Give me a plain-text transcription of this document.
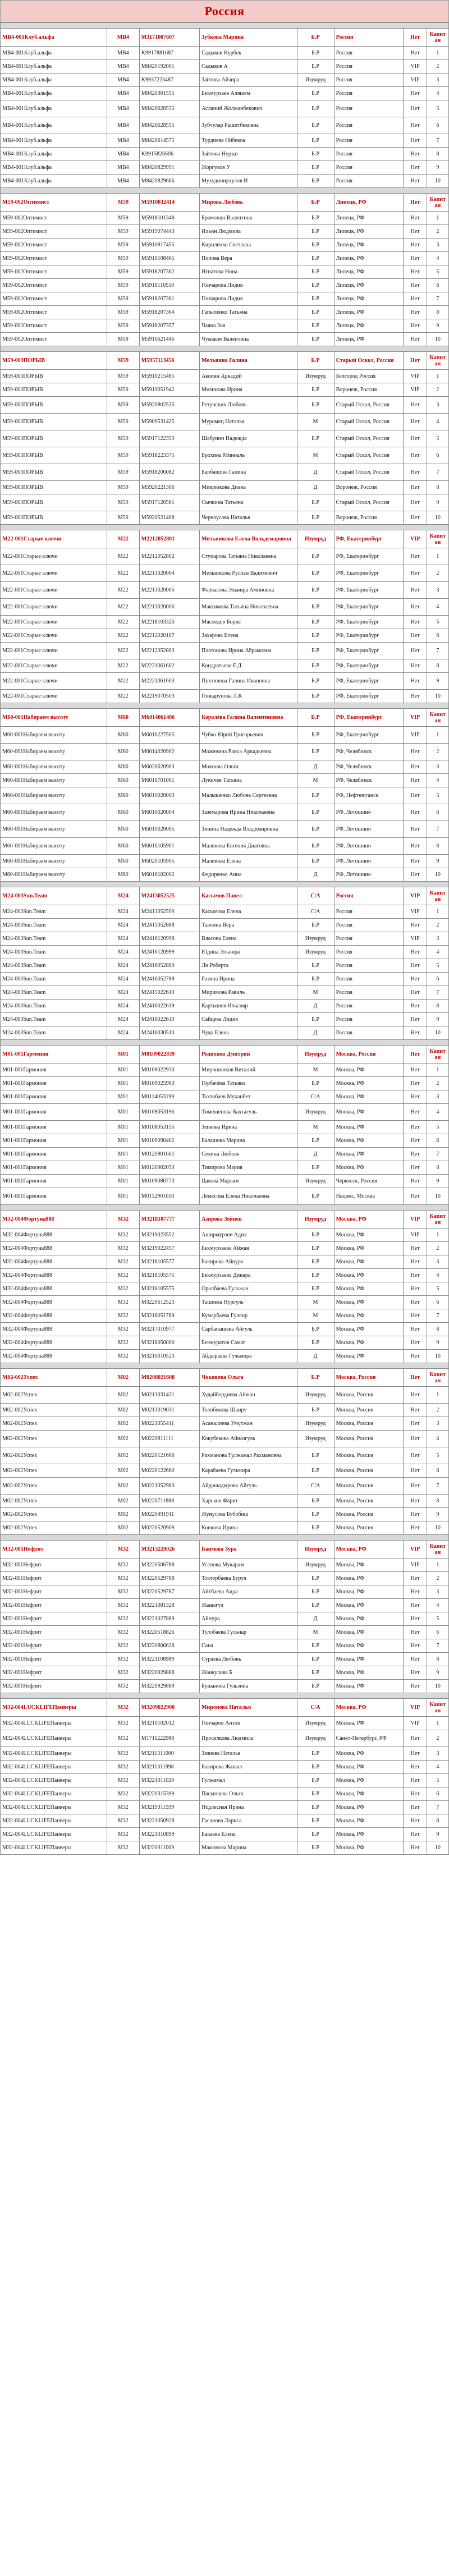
Россия

MB4-001Клуб.альфа	MB4	M3171007607	Зубкова Марина	Б.Р	Россия	Нет	Капитан
MB4-001Клуб.альфа	MB4	K9917881687	Садыков Нурбек	Б.Р	Россия	Нет	1
MB4-001Клуб.альфа	MB4	M8420192001	Садыков А	Б.Р	Россия	VIP	2
MB4-001Клуб.альфа	MB4	K9937223487	Зайтова Айзира	Изумруд	Россия	VIP	3
MB4-001Клуб.альфа	MB4	M8420301555	Бекмурзаев Аляшем	Б.Р	Россия	Нет	4
MB4-001Клуб.альфа	MB4	M8420628555	Асланий Жолжанбекович	Б.Р	Россия	Нет	5
MB4-001Клуб.альфа	MB4	M8420628555	Зубчулар Рашитбековна	Б.Р	Россия	Нет	6
MB4-001Клуб.альфа	MB4	M8420614575	Турдиева Ойбекоа	Б.Р	Россия	Нет	7
MB4-001Клуб.альфа	MB4	K9915826606	Зайтова Нурзат	Б.Р	Россия	Нет	8
MB4-001Клуб.альфа	MB4	M8420829991	Жоргулов У	Б.Р	Россия	Нет	9
MB4-001Клуб.альфа	MB4	M8420829666	Мухудинирхулов И	Б.Р	Россия	Нет	10

M59-002Оптимист	M59	M5910032414	Мирова Любовь	Б.Р	Липецк, РФ	Нет	Капитан
M59-002Оптимист	M59	M5918101348	Бромохин Валентина	Б.Р	Липецк, РФ	Нет	1
M59-002Оптимист	M59	M5919074443	Ильин Людмила	Б.Р	Липецк, РФ	Нет	2
M59-002Оптимист	M59	M5910817455	Кириленко Светлана	Б.Р	Липецк, РФ	Нет	3
M59-002Оптимист	M59	M5910108465	Попова Вера	Б.Р	Липецк, РФ	Нет	4
M59-002Оптимист	M59	M5918207362	Игнатова Нина	Б.Р	Липецк, РФ	Нет	5
M59-002Оптимист	M59	M5918110550	Гончарова Лидия	Б.Р	Липецк, РФ	Нет	6
M59-002Оптимист	M59	M5918207361	Гончарова Лидия	Б.Р	Липецк, РФ	Нет	7
M59-002Оптимист	M59	M5918207364	Гапыленко Татьяна	Б.Р	Липецк, РФ	Нет	8
M59-002Оптимист	M59	M5918207357	Чаяна Зоя	Б.Р	Липецк, РФ	Нет	9
M59-002Оптимист	M59	M5910621446	Чумаков Валентина	Б.Р	Липецк, РФ	Нет	10

M59-003ПОРЫВ	M59	M5957113456	Мельвина Галина	Б.Р	Старый Оскол, Россия	Нет	Капитан
M59-003ПОРЫВ	M59	M5910215485	Акопян Аркадий	Изумруд	Белгород Россия	VIP	1
M59-003ПОРЫВ	M59	M5919051942	Мелинова Ирина	Б.Р	Воронеж, Россия	VIP	2
M59-003ПОРЫВ	M59	M5920802535	Ретунских Любовь	Б.Р	Старый Оскол, Россия	Нет	3
M59-003ПОРЫВ	M59	M5909531425	Муромец Наталья	М	Старый Оскол, Россия	Нет	4
M59-003ПОРЫВ	M59	M5917122359	Шабунин Надежда	Б.Р	Старый Оскол, Россия	Нет	5
M59-003ПОРЫВ	M59	M5918223375	Брохина Минналь	М	Старый Оскол, Россия	Нет	6
M59-003ПОРЫВ	M59	M5918206082	Барбашова Галина	Д	Старый Оскол, Россия	Нет	7
M59-003ПОРЫВ	M59	M5920221306	Микрюкова Диана	Д	Воронеж, Россия	Нет	8
M59-003ПОРЫВ	M59	M5917120561	Сычкина Татьяна	Б.Р	Старый Оскол, Россия	Нет	9
M59-003ПОРЫВ	M59	M5920521408	Черноусова Наталья	Б.Р	Воронеж, Россия	Нет	10

M22-001Старые ключи	M22	M2212052801	Мельникова Елена Вольдемаровна	Изумруд	РФ, Екатеринбург	VIP	Капитан
M22-001Старые ключи	M22	M2212052802	Ступарова Татьяна Николаевна	Б.Р	РФ, Екатеринбург	Нет	1
M22-001Старые ключи	M22	M2213020004	Мельникова Руслан Вадимович	Б.Р	РФ, Екатеринбург	Нет	2
M22-001Старые ключи	M22	M2213020005	Фарвасова Эльвира Аминовна	Б.Р	РФ, Екатеринбург	Нет	3
M22-001Старые ключи	M22	M2213020006	Максимова Татьяна Николаевна	Б.Р	РФ, Екатеринбург	Нет	4
M22-001Старые ключи	M22	M2218103326	Мясоедов Борис	Б.Р	РФ, Екатеринбург	Нет	5
M22-001Старые ключи	M22	M2212020107	Захарова Елена	Б.Р	РФ, Екатеринбург	Нет	6
M22-001Старые ключи	M22	M2212052803	Платонова Ирина Абрамовна	Б.Р	РФ, Екатеринбург	Нет	7
M22-001Старые ключи	M22	M2221061602	Кондратьева Е.Д	Б.Р	РФ, Екатеринбург	Нет	8
M22-001Старые ключи	M22	M2221061603	Пухтилова Галина Ивановна	Б.Р	РФ, Екатеринбург	Нет	9
M22-001Старые ключи	M22	M2219070503	Гонкарунова Л.К	Б.Р	РФ, Екатеринбург	Нет	10

M60-001Набираем высоту	M60	M6014061406	Королёва Галина Валентиновна	Б.Р	РФ, Екатеринбург	VIP	Капитан
M60-001Набираем высоту	M60	M6016227505	Чубко Юрий Григорьевич	Б.Р	РФ, Екатеринбург	VIP	1
M60-001Набираем высоту	M60	M6014020902	Моженина Раиса Аркадьевна	Б.Р	РФ, Челябинск	Нет	2
M60-001Набираем высоту	M60	M6020620903	Мокнова Ольга	Д	РФ, Челябинск	Нет	3
M60-001Набираем высоту	M60	M6010701001	Лукичев Татьяна	М	РФ, Челябинск	Нет	4
M60-001Набираем высоту	M60	M6010020003	Малышенко Любовь Сергеевна	Б.Р	РФ, Нефтеюганск	Нет	5
M60-001Набираем высоту	M60	M6010020004	Заземарова Ирина Николаевна	Б.Р	РФ, Лотошино	Нет	6
M60-001Набираем высоту	M60	M6010020005	Зинина Надежда Владимировна	Б.Р	РФ, Лотошино	Нет	7
M60-001Набираем высоту	M60	M6016105901	Маликова Евгения Диаговна	Б.Р	РФ, Лотошино	Нет	8
M60-001Набираем высоту	M60	M6020105905	Маликова Елена	Б.Р	РФ, Лотошино	Нет	9
M60-001Набираем высоту	M60	M6016102002	Федоренко Анна	Д	РФ, Лотошино	Нет	10

M24-003Sun.Team	M24	M2413052525	Касымов Павел	С/А	Россия	VIP	Капитан
M24-003Sun.Team	M24	M2413052599	Касымова Елена	С/А	Россия	VIP	1
M24-003Sun.Team	M24	M2415052888	Тавчина Вера	Б.Р	Россия	Нет	2
M24-003Sun.Team	M24	M2416120998	Власова Елена	Изумруд	Россия	VIP	3
M24-003Sun.Team	M24	M2416120999	Юдина Эльвира	Изумруд	Россия	Нет	4
M24-003Sun.Team	M24	M2416052889	Ли Роберта	Б.Р	Россия	Нет	5
M24-003Sun.Team	M24	M2416052789	Разина Ирина	Б.Р	Россия	Нет	6
M24-003Sun.Team	M24	M2415022610	Миримова Равиль	М	Россия	Нет	7
M24-003Sun.Team	M24	M2416022619	Картышев Ильсияр	Д	Россия	Нет	8
M24-003Sun.Team	M24	M2416022610	Сайцева Лидия	Б.Р	Россия	Нет	9
M24-003Sun.Team	M24	M2416030510	Чудо Елена	Д	Россия	Нет	10

M01-001Гармония	M01	M0109022839	Родионов Дмитрий	Изумруд	Москва, Россия	Нет	Капитан
M01-001Гармония	M01	M0109022930	Мирошников Виталий	М	Москва, РФ	Нет	1
M01-001Гармония	M01	M0109025963	Горбачёва Татьяна	Б.Р	Москва, РФ	Нет	2
M01-001Гармония	M01	M0114053199	Тохтобаев Муханбет	С/А	Москва, РФ	Нет	3
M01-001Гармония	M01	M0109053196	Тимешенова Бахтагуль	Изумруд	Москва, РФ	Нет	4
M01-001Гармония	M01	M0108053155	Зенкова Ирина	М	Москва, РФ	Нет	5
M01-001Гармония	M01	M0109090402	Балашова Марина	Б.Р	Москва, РФ	Нет	6
M01-001Гармония	M01	M0120901601	Селина Любовь	Д	Москва, РФ	Нет	7
M01-001Гармония	M01	M0120902050	Тимирова Мария	Б.Р	Москва, РФ	Нет	8
M01-001Гармония	M01	M0109080773	Цакова Марьям	Изумруд	Черкесск, Россия	Нет	9
M01-001Гармония	M01	M0112901610	Лемясова Елена Николаевна	Б.Р	Нацинс, Москва	Нет	10

M32-004Фортуна888	M32	M3218107777	Азирова Зейнеп	Изумруд	Москва, РФ	VIP	Капитан
M32-004Фортуна888	M32	M3219023552	Аширмурзов Адил	Б.Р	Москва, РФ	VIP	1
M32-004Фортуна888	M32	M3219022457	Бекмурзаева Айжан	Б.Р	Москва, РФ	Нет	2
M32-004Фортуна888	M32	M3218105577	Бакирова Айнура	Б.Р	Москва, РФ	Нет	3
M32-004Фортуна888	M32	M3218105575	Бекмурзаева Динара	Б.Р	Москва, РФ	Нет	4
M32-004Фортуна888	M32	M3218105575	Оролбаева Гульжан	Б.Р	Москва, РФ	Нет	5
M32-004Фортуна888	M32	M3220612523	Ташиева Нургуль	М	Москва, РФ	Нет	6
M32-004Фортуна888	M32	M3218051789	Кумарбаева Гуляир	М	Москва, РФ	Нет	7
M32-004Фортуна888	M32	M3217010977	Сарбагышева Айгуль	Б.Р	Москва, РФ	Нет	8
M32-004Фортуна888	M32	M3218050000	Бекмуратов Самат	Б.Р	Москва, РФ	Нет	9
M32-004Фортуна888	M32	M3210010523	Абдыраева Гульмира	Д	Москва, РФ	Нет	10

M02-002Успех	M02	M0208021608	Чоконова Ольга	Б.Р	Москва, Россия	Нет	Капитан
M02-002Успех	M02	M0213031431	Худайбердиева Айжан	Изумруд	Москва, Россия	Нет	1
M02-002Успех	M02	M0213019031	Толобекова Шаиру	Б.Р	Москва, Россия	Нет	2
M02-002Успех	M02	M0221055411	Асаналиева Умутжан	Изумруд	Москва, Россия	Нет	3
M02-002Успех	M02	M0220811111	Кокубекова Айназгуль	Изумруд	Москва, Россия	Нет	4
M02-002Успех	M02	M0220121666	Рахманова Гулжамал Рахмановна	Б.Р	Москва, Россия	Нет	5
M02-002Успех	M02	M0220122660	Карабаева Гульмира	Б.Р	Москва, Россия	Нет	6
M02-002Успех	M02	M0221052983	Айдашадырова Айгуль	С/А	Москва, Россия	Нет	7
M02-002Успех	M02	M0220711888	Харьков Фарит	Б.Р	Москва, Россия	Нет	8
M02-002Успех	M02	M0220491911	Жунусова Бубобиш	Б.Р	Москва, Россия	Нет	9
M02-002Успех	M02	M0220520909	Конкова Ирина	Б.Р	Москва, Россия	Нет	10

M32-001Нефрит	M32	M3213220026	Баимова Зура	Изумруд	Москва, РФ	VIP	Капитан
M32-001Нефрит	M32	M3220506788	Усенова Мукарам	Изумруд	Москва, РФ	VIP	1
M32-001Нефрит	M32	M3220529788	Токторбаева Бурул	Б.Р	Москва, РФ	Нет	2
M32-001Нефрит	M32	M3220529787	Айтбаева Аида	Б.Р	Москва, РФ	Нет	3
M32-001Нефрит	M32	M3221081328	Жаныгул	Б.Р	Москва, РФ	Нет	4
M32-001Нефрит	M32	M3221027889	Айнура	Д	Москва, РФ	Нет	5
M32-001Нефрит	M32	M3220518826	Тулобаева Гульнар	М	Москва, РФ	Нет	6
M32-001Нефрит	M32	M3220806628	Сана	Б.Р	Москва, РФ	Нет	7
M32-001Нефрит	M32	M3221108989	Сураева Любовь	Б.Р	Москва, РФ	Нет	8
M32-001Нефрит	M32	M3220929888	Жанкулова Б	Б.Р	Москва, РФ	Нет	9
M32-001Нефрит	M32	M3220929889	Бушанова Гульзина	Б.Р	Москва, РФ	Нет	10

M32-004LUCKLIFEПанверы	M32	M3209022900	Миронова Наталья	С/А	Москва, РФ	VIP	Капитан
M32-004LUCKLIFEПанверы	M32	M3210102012	Гончаров Антон	Изумруд	Москва, РФ	VIP	1
M32-004LUCKLIFEПанверы	M32	M1711222988	Проселкова Людмила	Изумруд	Санкт-Петербург, РФ	Нет	2
M32-004LUCKLIFEПанверы	M32	M3211311000	Зазиева Наталья	Б.Р	Москва, РФ	Нет	3
M32-004LUCKLIFEПанверы	M32	M3211311998	Бакирова Жаныл	Б.Р	Москва, РФ	Нет	4
M32-004LUCKLIFEПанверы	M32	M3221011020	Гулжамал	Б.Р	Москва, РФ	Нет	5
M32-004LUCKLIFEПанверы	M32	M3220315399	Пасынкова Ольга	Б.Р	Москва, РФ	Нет	6
M32-004LUCKLIFEПанверы	M32	M3219311599	Подлесная Ирина	Б.Р	Москва, РФ	Нет	7
M32-004LUCKLIFEПанверы	M32	M3221050928	Гасанова Лариса	Б.Р	Москва, РФ	Нет	8
M32-004LUCKLIFEПанверы	M32	M3221010899	Бакаева Елена	Б.Р	Москва, РФ	Нет	9
M32-004LUCKLIFEПанверы	M32	M3220311009	Мамонова Марина	Б.Р	Москва, РФ	Нет	10
